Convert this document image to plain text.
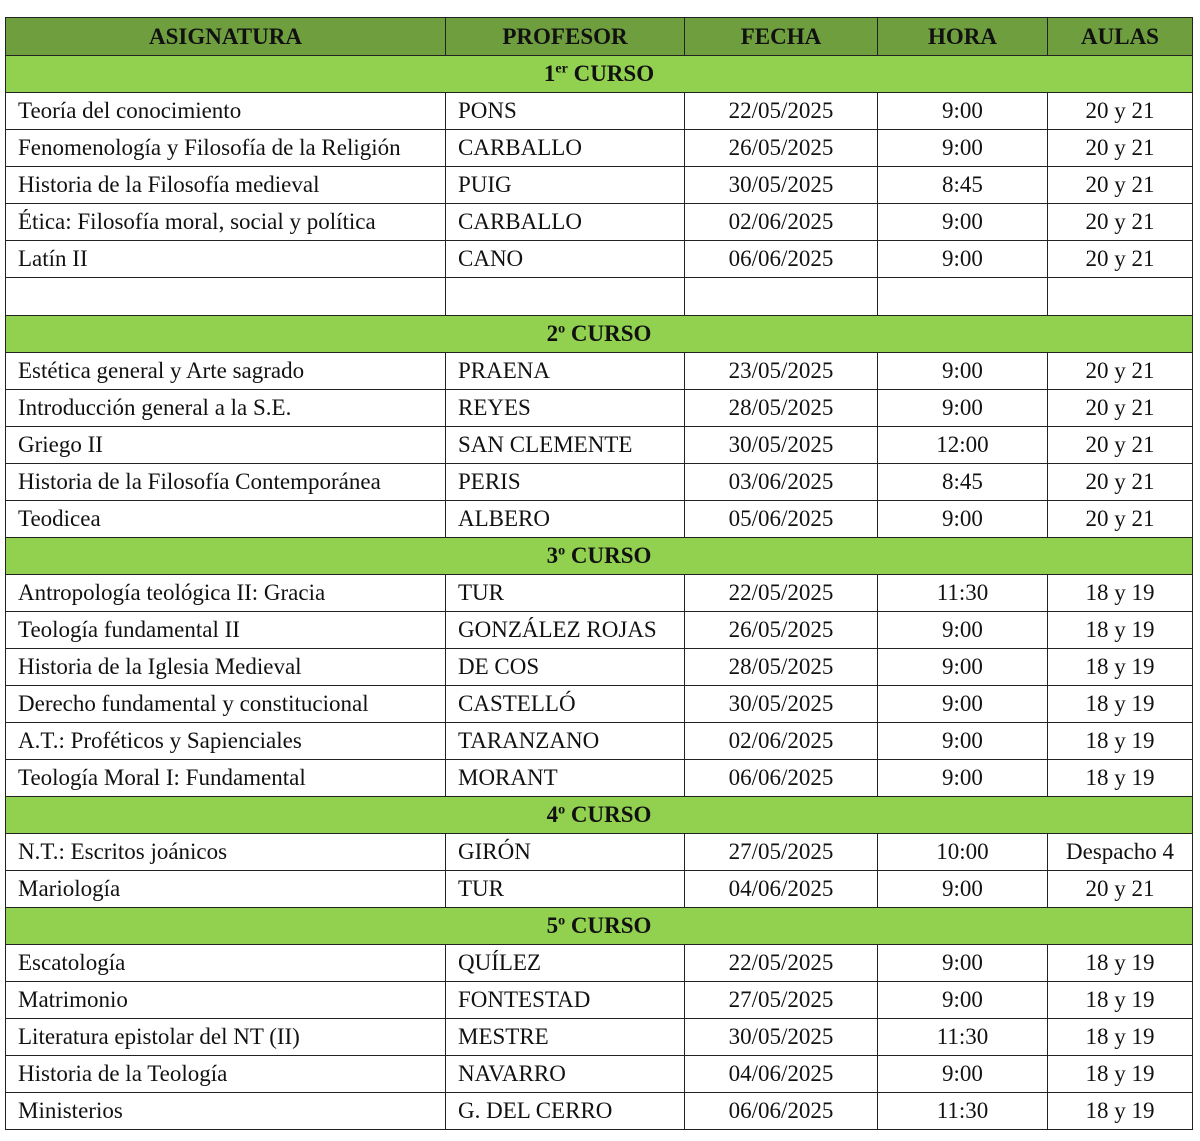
ASIGNATURA	PROFESOR	FECHA	HORA	AULAS
1er CURSO				
Teoría del conocimiento	PONS	22/05/2025	9:00	20 y 21
Fenomenología y Filosofía de la Religión	CARBALLO	26/05/2025	9:00	20 y 21
Historia de la Filosofía medieval	PUIG	30/05/2025	8:45	20 y 21
Ética: Filosofía moral, social y política	CARBALLO	02/06/2025	9:00	20 y 21
Latín II	CANO	06/06/2025	9:00	20 y 21

2$^o$ CURSO				
Estética general y Arte sagrado	PRAENA	23/05/2025	9:00	20 y 21
Introducción general a la S.E.	REYES	28/05/2025	9:00	20 y 21
Griego II	SAN CLEMENTE	30/05/2025	12:00	20 y 21
Historia de la Filosofía Contemporánea	PERIS	03/06/2025	8:45	20 y 21
Teodicea	ALBERO	05/06/2025	9:00	20 y 21
3$^o$ CURSO				
Antropología teológica II: Gracia	TUR	22/05/2025	11:30	18 y 19
Teología fundamental II	GONZÁLEZ ROJAS	26/05/2025	9:00	18 y 19
Historia de la Iglesia Medieval	DE COS	28/05/2025	9:00	18 y 19
Derecho fundamental y constitucional	CASTELLÓ	30/05/2025	9:00	18 y 19
A.T.: Proféticos y Sapienciales	TARANZANO	02/06/2025	9:00	18 y 19
Teología Moral I: Fundamental	MORANT	06/06/2025	9:00	18 y 19
4$^o$ CURSO				
N.T.: Escritos joánicos	GIRÓN	27/05/2025	10:00	Despacho 4
Mariología	TUR	04/06/2025	9:00	20 y 21
5$^o$ CURSO				
Escatología	QUÍLEZ	22/05/2025	9:00	18 y 19
Matrimonio	FONTESTAD	27/05/2025	9:00	18 y 19
Literatura epistolar del NT (II)	MESTRE	30/05/2025	11:30	18 y 19
Historia de la Teología	NAVARRO	04/06/2025	9:00	18 y 19
Ministerios	G. DEL CERRO	06/06/2025	11:30	18 y 19
